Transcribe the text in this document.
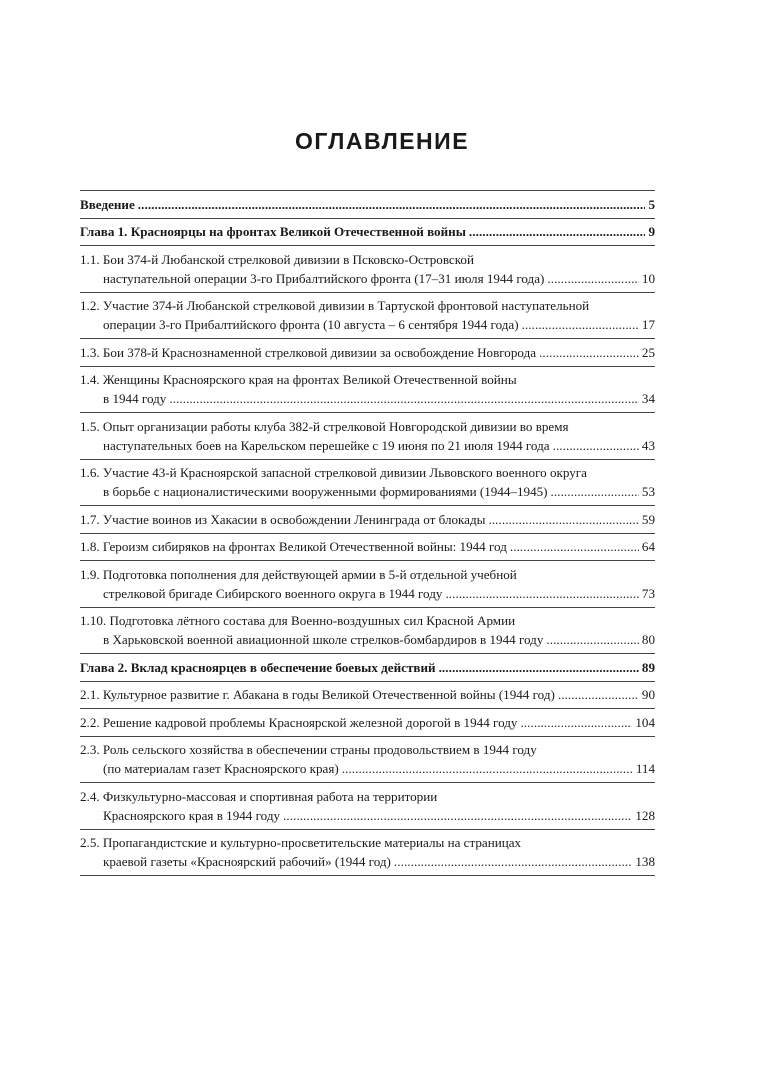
ОГЛАВЛЕНИЕ
Введение . . .	5
Глава 1. Красноярцы на фронтах Великой Отечественной войны . . .	9
1.1. Бои 374-й Любанской стрелковой дивизии в Псковско-Островской
наступательной операции 3-го Прибалтийского фронта (17–31 июля 1944 года) . . .	10
1.2. Участие 374-й Любанской стрелковой дивизии в Тартуской фронтовой наступательной
операции 3-го Прибалтийского фронта (10 августа – 6 сентября 1944 года) . . .	17
1.3. Бои 378-й Краснознаменной стрелковой дивизии за освобождение Новгорода . . .	25
1.4. Женщины Красноярского края на фронтах Великой Отечественной войны
в 1944 году . . .	34
1.5. Опыт организации работы клуба 382-й стрелковой Новгородской дивизии во время
наступательных боев на Карельском перешейке с 19 июня по 21 июля 1944 года . . .	43
1.6. Участие 43-й Красноярской запасной стрелковой дивизии Львовского военного округа
в борьбе с националистическими вооруженными формированиями (1944–1945) . . .	53
1.7. Участие воинов из Хакасии в освобождении Ленинграда от блокады . . .	59
1.8. Героизм сибиряков на фронтах Великой Отечественной войны: 1944 год . . .	64
1.9. Подготовка пополнения для действующей армии в 5-й отдельной учебной
стрелковой бригаде Сибирского военного округа в 1944 году . . .	73
1.10. Подготовка лётного состава для Военно-воздушных сил Красной Армии
в Харьковской военной авиационной школе стрелков-бомбардиров в 1944 году . . .	80
Глава 2. Вклад красноярцев в обеспечение боевых действий . . .	89
2.1. Культурное развитие г. Абакана в годы Великой Отечественной войны (1944 год) . . .	90
2.2. Решение кадровой проблемы Красноярской железной дорогой в 1944 году . . .	104
2.3. Роль сельского хозяйства в обеспечении страны продовольствием в 1944 году
(по материалам газет Красноярского края) . . .	114
2.4. Физкультурно-массовая и спортивная работа на территории
Красноярского края в 1944 году . . .	128
2.5. Пропагандистские и культурно-просветительские материалы на страницах
краевой газеты «Красноярский рабочий» (1944 год) . . .	138
